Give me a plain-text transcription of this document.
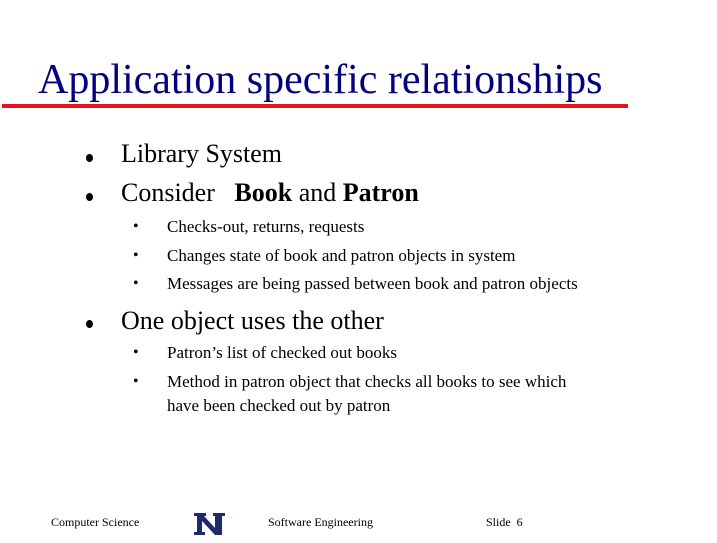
Application specific relationships
Library System
Consider Book and Patron
• Checks-out, returns, requests
• Changes state of book and patron objects in system
• Messages are being passed between book and patron objects
One object uses the other
• Patron’s list of checked out books
• Method in patron object that checks all books to see which
have been checked out by patron
Computer Science	Software Engineering	Slide 6
